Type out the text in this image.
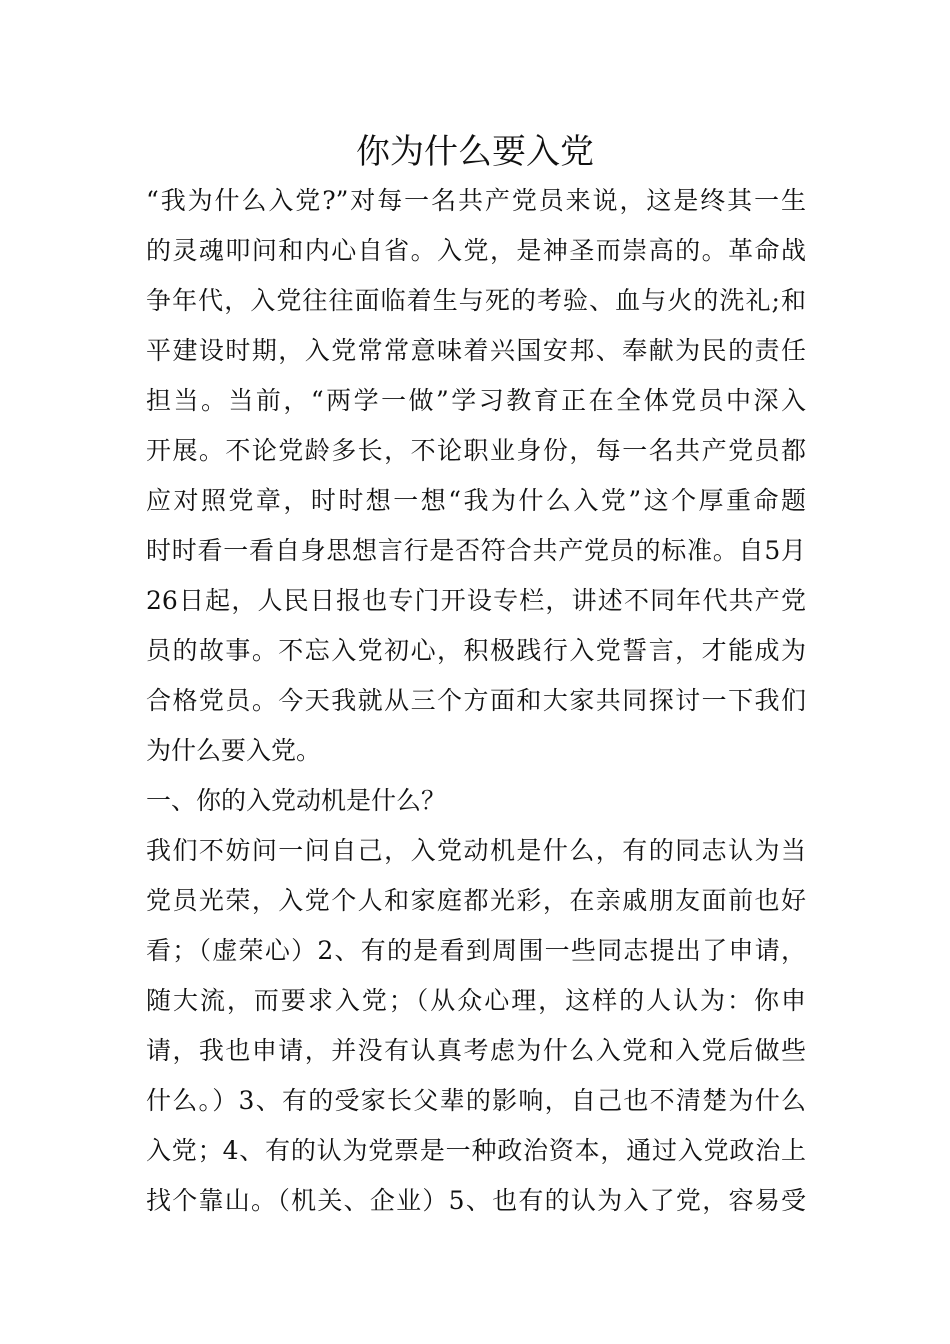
你为什么要入党
“我为什么入党?”对每一名共产党员来说，这是终其一生
的灵魂叩问和内心自省。入党，是神圣而崇高的。革命战
争年代，入党往往面临着生与死的考验、血与火的洗礼;和
平建设时期，入党常常意味着兴国安邦、奉献为民的责任
担当。当前，“两学一做”学习教育正在全体党员中深入
开展。不论党龄多长，不论职业身份，每一名共产党员都
应对照党章，时时想一想“我为什么入党”这个厚重命题
时时看一看自身思想言行是否符合共产党员的标准。自5月
26日起，人民日报也专门开设专栏，讲述不同年代共产党
员的故事。不忘入党初心，积极践行入党誓言，才能成为
合格党员。今天我就从三个方面和大家共同探讨一下我们
为什么要入党。
一、你的入党动机是什么？
我们不妨问一问自己，入党动机是什么，有的同志认为当
党员光荣，入党个人和家庭都光彩，在亲戚朋友面前也好
看；（虚荣心）2、有的是看到周围一些同志提出了申请，
随大流，而要求入党；（从众心理，这样的人认为：你申
请，我也申请，并没有认真考虑为什么入党和入党后做些
什么。）3、有的受家长父辈的影响，自己也不清楚为什么
入党；4、有的认为党票是一种政治资本，通过入党政治上
找个靠山。（机关、企业）5、也有的认为入了党，容易受
